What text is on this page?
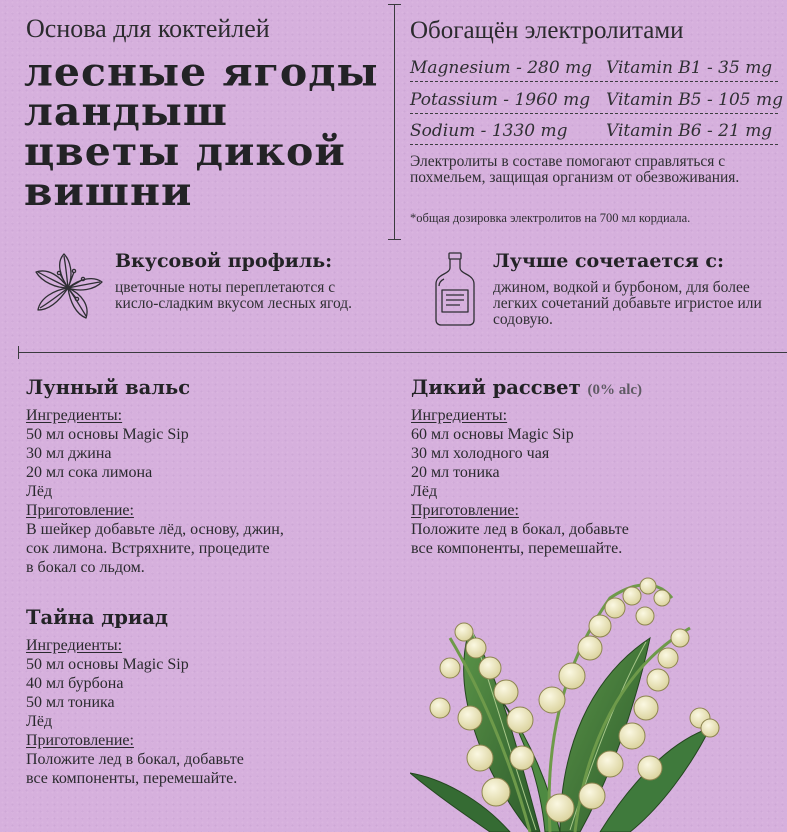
Основа для коктейлей
лесные ягоды
ландыш
цветы дикой
вишни
Обогащён электролитами
Magnesium - 280 mg Vitamin B1 - 35 mg
Potassium - 1960 mg Vitamin B5 - 105 mg
Sodium - 1330 mg Vitamin B6 - 21 mg
Электролиты в составе помогают справляться с похмельем, защищая организм от обезвоживания.
*общая дозировка электролитов на 700 мл кордиала.
Вкусовой профиль:
цветочные ноты переплетаются с кисло-сладким вкусом лесных ягод.
Лучше сочетается с:
джином, водкой и бурбоном, для более легких сочетаний добавьте игристое или содовую.
Лунный вальс
Ингредиенты:
50 мл основы Magic Sip
30 мл джина
20 мл сока лимона
Лёд
Приготовление:
В шейкер добавьте лёд, основу, джин,
сок лимона. Встряхните, процедите
в бокал со льдом.
Дикий рассвет (0% alc)
Ингредиенты:
60 мл основы Magic Sip
30 мл холодного чая
20 мл тоника
Лёд
Приготовление:
Положите лед в бокал, добавьте
все компоненты, перемешайте.
Тайна дриад
Ингредиенты:
50 мл основы Magic Sip
40 мл бурбона
50 мл тоника
Лёд
Приготовление:
Положите лед в бокал, добавьте
все компоненты, перемешайте.
